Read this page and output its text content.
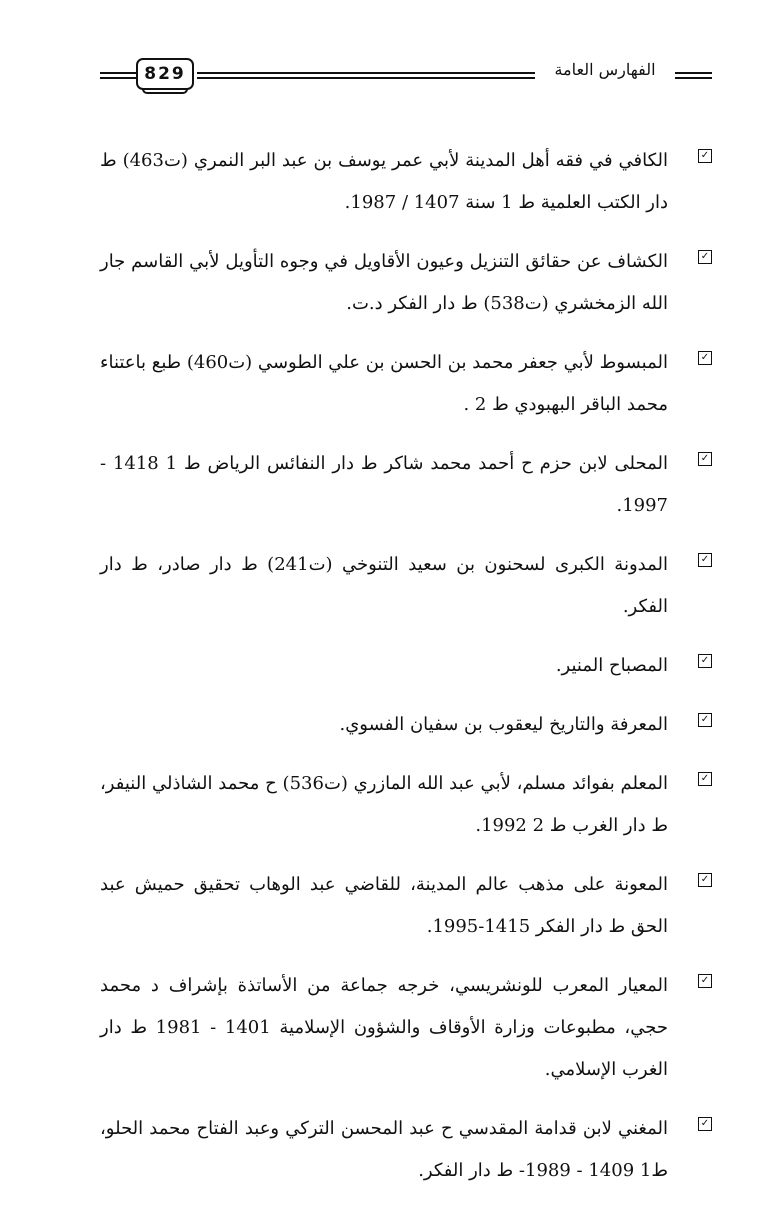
829	الفهارس العامة
✓
الكافي في فقه أهل المدينة لأبي عمر يوسف بن عبد البر النمري (ت463) ط دار الكتب العلمية ط 1 سنة 1407 / 1987.
✓
الكشاف عن حقائق التنزيل وعيون الأقاويل في وجوه التأويل لأبي القاسم جار الله الزمخشري (ت538) ط دار الفكر د.ت.
✓
المبسوط لأبي جعفر محمد بن الحسن بن علي الطوسي (ت460) طبع باعتناء محمد الباقر البهبودي ط 2 .
✓
المحلى لابن حزم ح أحمد محمد شاكر ط دار النفائس الرياض ط 1 1418 - 1997.
✓
المدونة الكبرى لسحنون بن سعيد التنوخي (ت241) ط دار صادر، ط دار الفكر.
✓
المصباح المنير.
✓
المعرفة والتاريخ ليعقوب بن سفيان الفسوي.
✓
المعلم بفوائد مسلم، لأبي عبد الله المازري (ت536) ح محمد الشاذلي النيفر، ط دار الغرب ط 2 1992.
✓
المعونة على مذهب عالم المدينة، للقاضي عبد الوهاب تحقيق حميش عبد الحق ط دار الفكر 1415-1995.
✓
المعيار المعرب للونشريسي، خرجه جماعة من الأساتذة بإشراف د محمد حجي، مطبوعات وزارة الأوقاف والشؤون الإسلامية 1401 - 1981 ط دار الغرب الإسلامي.
✓
المغني لابن قدامة المقدسي ح عبد المحسن التركي وعبد الفتاح محمد الحلو، ط1 1409 - 1989- ط دار الفكر.
